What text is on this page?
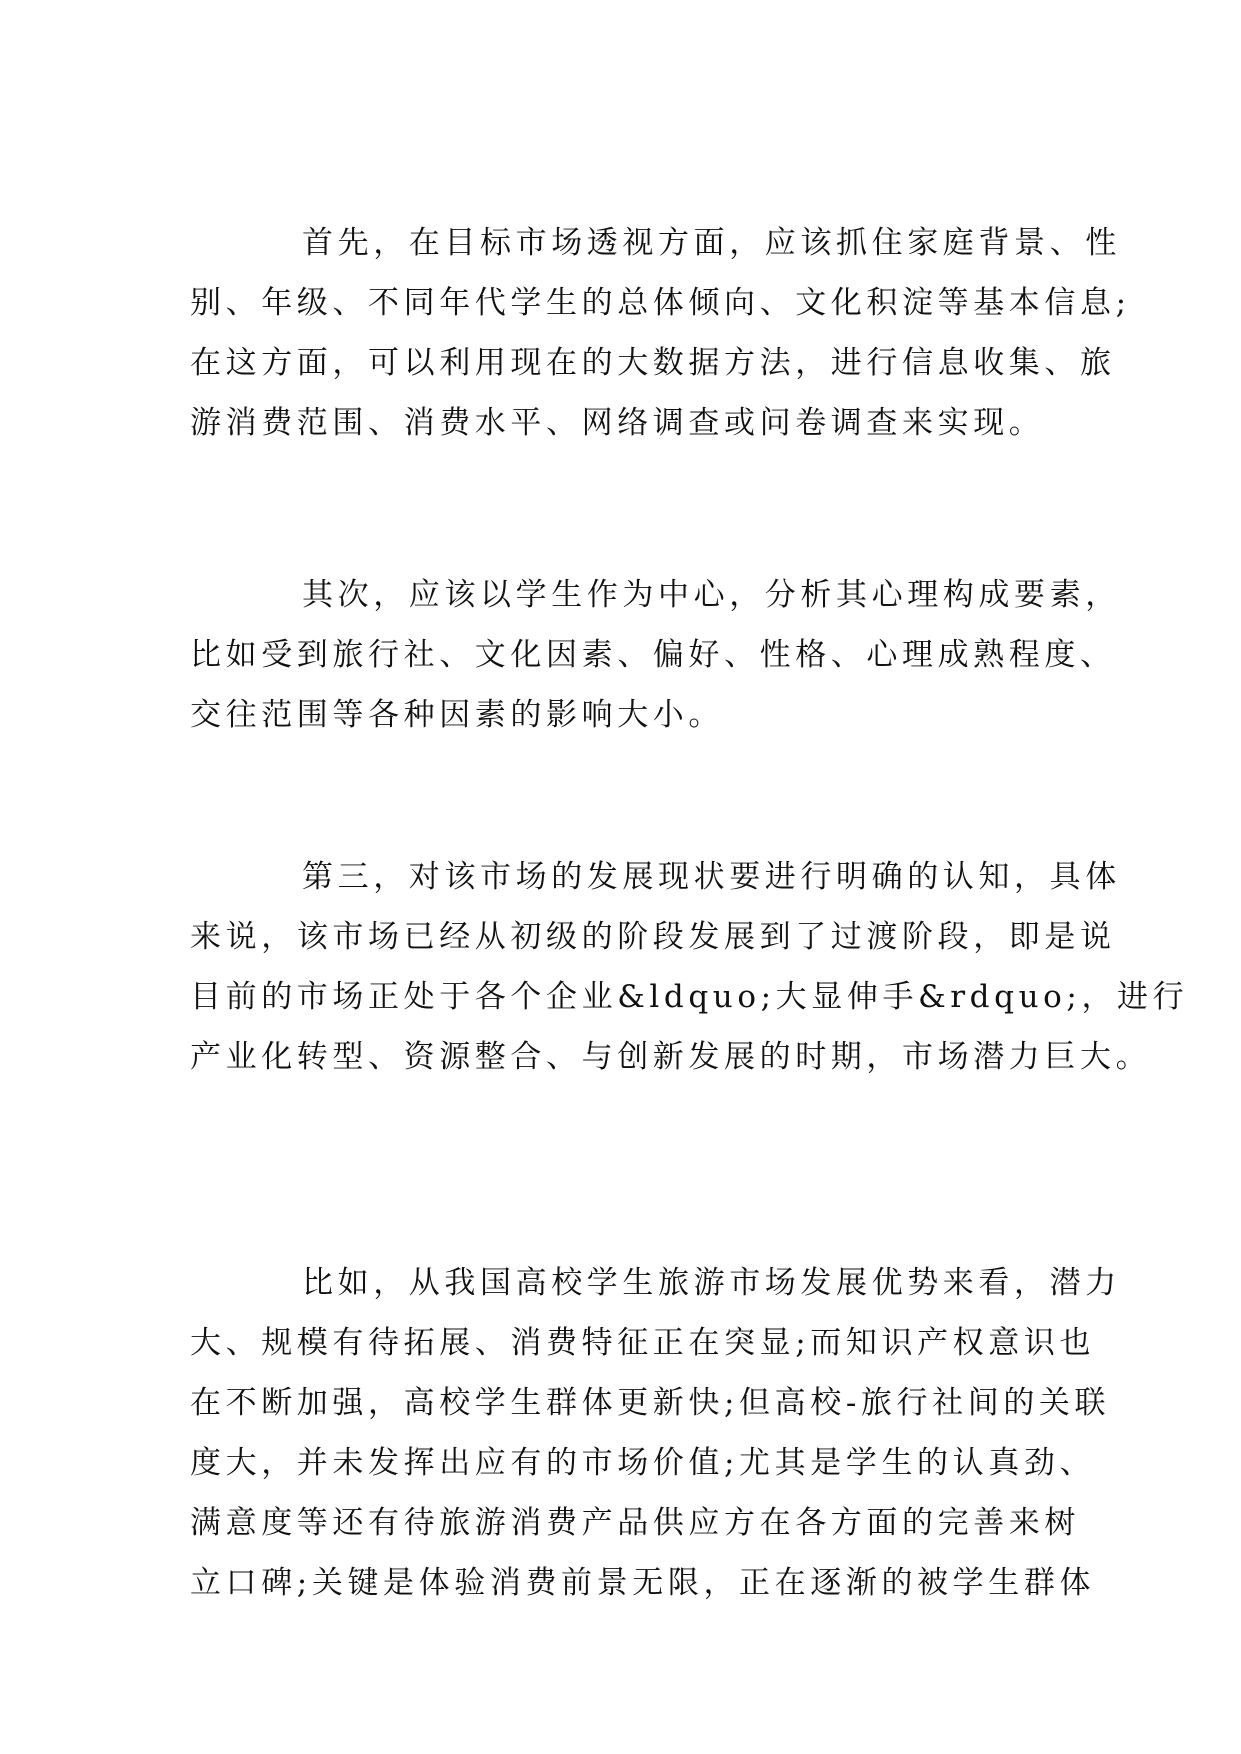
首先，在目标市场透视方面，应该抓住家庭背景、性
别、年级、不同年代学生的总体倾向、文化积淀等基本信息;
在这方面，可以利用现在的大数据方法，进行信息收集、旅
游消费范围、消费水平、网络调查或问卷调查来实现。
其次，应该以学生作为中心，分析其心理构成要素，
比如受到旅行社、文化因素、偏好、性格、心理成熟程度、
交往范围等各种因素的影响大小。
第三，对该市场的发展现状要进行明确的认知，具体
来说，该市场已经从初级的阶段发展到了过渡阶段，即是说
目前的市场正处于各个企业&ldquo;大显伸手&rdquo;，进行
产业化转型、资源整合、与创新发展的时期，市场潜力巨大。
比如，从我国高校学生旅游市场发展优势来看，潜力
大、规模有待拓展、消费特征正在突显;而知识产权意识也
在不断加强，高校学生群体更新快;但高校-旅行社间的关联
度大，并未发挥出应有的市场价值;尤其是学生的认真劲、
满意度等还有待旅游消费产品供应方在各方面的完善来树
立口碑;关键是体验消费前景无限，正在逐渐的被学生群体
